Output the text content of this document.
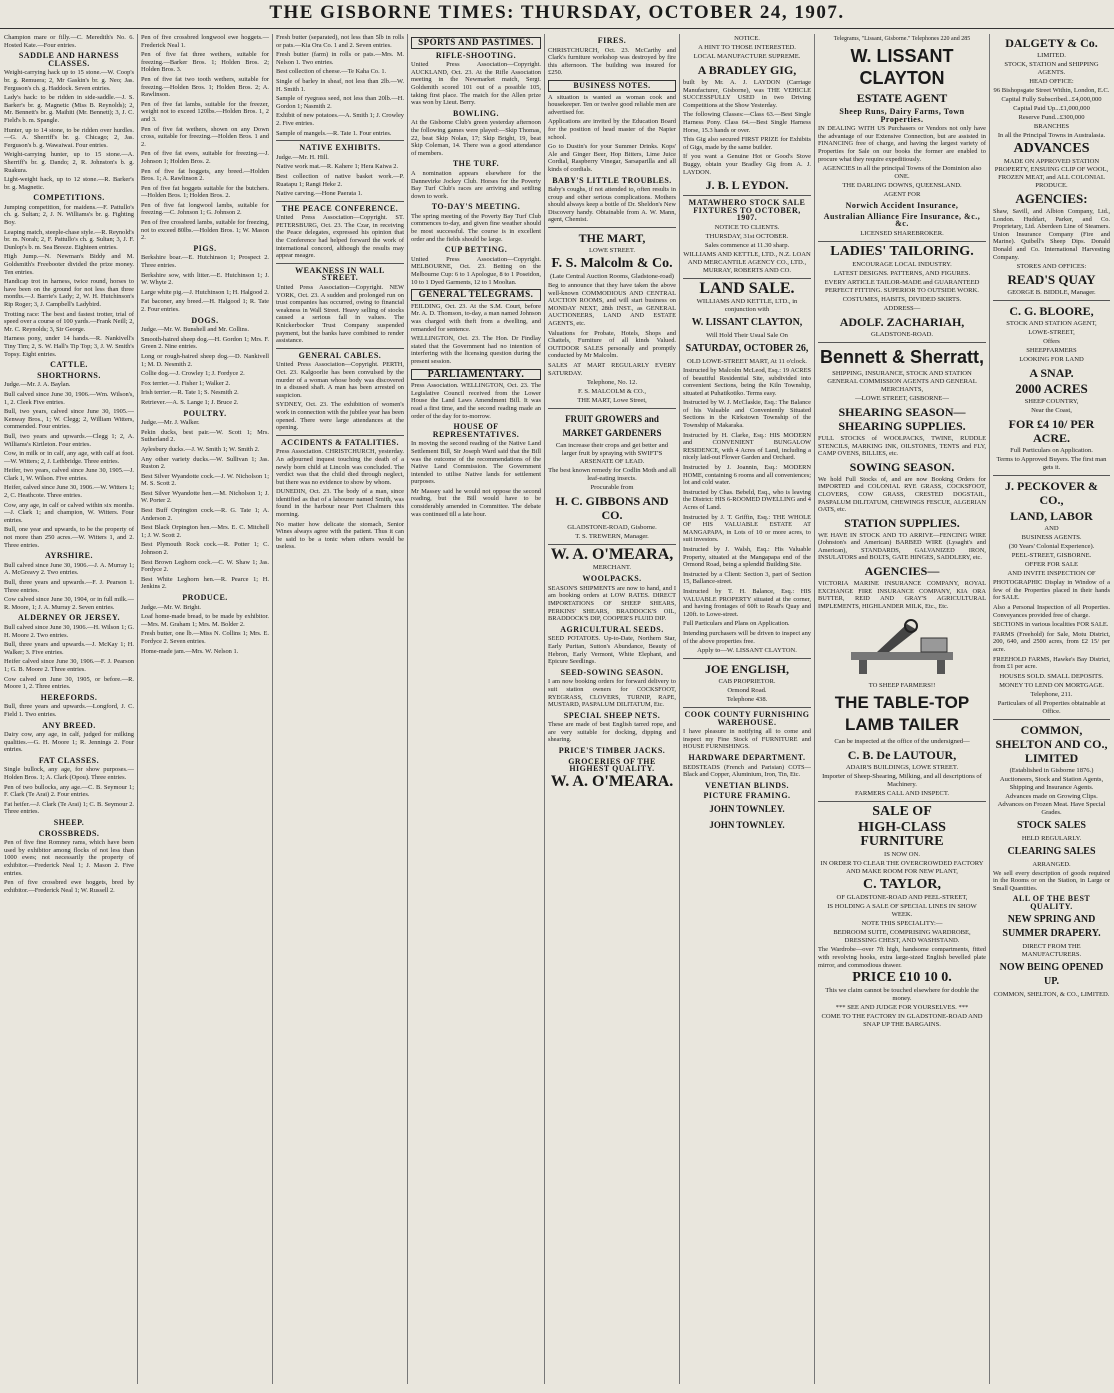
THE GISBORNE TIMES: THURSDAY, OCTOBER 24, 1907.

Champion mare or filly.—C. Meredith's No. 6. Hosted Kate.—Four entries.

SADDLE AND HARNESS CLASSES.

Weight-carrying hack up to 15 stone.—W. Coop's br. g. Remuera; 2, Mr Gaskin's br. g. Neo; Jas. Ferguson's ch. g. Haddock. Seven entries.

Lady's hack: to be ridden in side-saddle.—J. S. Barker's br. g. Magnetic (Miss B. Reynolds); 2, Mr. Bennett's br. g. Maihiti (Mr. Bennett); 3, J. C. Field's b. m. Spangle.

Hunter, up to 14 stone, to be ridden over hurdles.—G. A. Sherriff's br. g. Chicago; 2, Jas. Ferguson's b. g. Wawaiwai. Four entries.

Weight-carrying hunter, up to 15 stone.—A. Sherriff's br. g. Dando; 2, R. Johnston's b. g. Ruakura.

Light-weight hack, up to 12 stone.—R. Barker's br. g. Magnetic.

COMPETITIONS.

Jumping competition, for maidens.—F. Pattullo's ch. g. Sultan; 2, J. N. Williams's br. g. Fighting Boy.

Leaping match, steeple-chase style.—R. Reynold's br. m. Norah; 2, F. Pattullo's ch. g. Sultan; 3, J. F. Dunlop's b. m. Sea Breeze. Eighteen entries.

High Jump.—N. Newman's Biddy and M. Goldsmith's Freebooter divided the prize money. Ten entries.

Handicap trot in harness, twice round, horses to have been on the ground for not less than three months.—J. Barrie's Lady; 2, W. H. Hutchinson's Rip Roger; 3, J. Campbell's Ladybird.

Trotting race: The best and fastest trotter, trial of speed over a course of 100 yards.—Frank Neill; 2, Mr. C. Reynolds; 3, Sir George.

Harness pony, under 14 hands.—R. Nankivell's Tiny Tim; 2, S. W. Hall's Tip Top; 3, J. W. Smith's Topsy. Eight entries.

CATTLE.
SHORTHORNS.

Judge.—Mr. J. A. Baylan.

Bull calved since June 30, 1906.—Wm. Wilson's, 1, 2. Cleek Five entries.

Bull, two years, calved since June 30, 1905.—Kenway Bros., 1; W. Clegg; 2, William Witters, commended. Four entries.

Bull, two years and upwards.—Clegg 1; 2, A. Williams's Kirtleton. Four entries.

Cow, in milk or in calf, any age, with calf at foot.—W. Witters; 2, J. Lethbridge. Three entries.

Heifer, two years, calved since June 30, 1905.—J. Clark 1, W. Wilson. Five entries.

Heifer, calved since June 30, 1906.—W. Witters 1; 2, C. Heathcote. Three entries.

Cow, any age, in calf or calved within six months.—J. Clark 1; and champion, W. Witters. Four entries.

Bull, one year and upwards, to be the property of not more than 250 acres.—W. Witters 1, and 2. Three entries.

AYRSHIRE.

Bull calved since June 30, 1906.—J. A. Murray 1; A. McGreavy 2. Two entries.

Bull, three years and upwards.—F. J. Pearson 1. Three entries.

Cow calved since June 30, 1904, or in full milk.—R. Moore, 1; J. A. Murray 2. Seven entries.

ALDERNEY OR JERSEY.

Bull calved since June 30, 1906.—H. Wilson 1; G. H. Moore 2. Two entries.

Bull, three years and upwards.—J. McKay 1; H. Walker; 3. Five entries.

Heifer calved since June 30, 1906.—F. J. Pearson 1; G. B. Moore 2. Three entries.

Cow calved on June 30, 1905, or before.—R. Moore 1, 2. Three entries.

HEREFORDS.

Bull, three years and upwards.—Longford, J. C. Field 1. Two entries.

ANY BREED.

Dairy cow, any age, in calf, judged for milking qualities.—G. H. Moore 1; R. Jennings 2. Four entries.

FAT CLASSES.

Single bullock, any age, for show purposes.—Holden Bros. 1; A. Clark (Opou). Three entries.

Pen of two bullocks, any age.—C. B. Seymour 1; F. Clark (Te Arai) 2. Four entries.

Fat heifer.—J. Clark (Te Arai) 1; C. B. Seymour 2. Three entries.

SHEEP.
CROSSBREDS.

Pen of five fine Romney rams, which have been used by exhibitor among flocks of not less than 1000 ewes; not necessarily the property of exhibitor.—Frederick Neal 1; J. Mason 2. Five entries.

Pen of five crossbred ewe hoggets, bred by exhibitor.—Frederick Neal 1; W. Russell 2.

Pen of five crossbred longwool ewe hoggets.—Frederick Neal 1.

Pen of five fat three wethers, suitable for freezing.—Barker Bros. 1; Holden Bros. 2; Holden Bros. 3.

Pen of five fat two tooth wethers, suitable for freezing.—Holden Bros. 1; Holden Bros. 2; A. Rawlinson.

Pen of five fat lambs, suitable for the freezer, weight not to exceed 120lbs.—Holden Bros. 1, 2 and 3.

Pen of five fat wethers, shown on any Down cross, suitable for freezing.—Holden Bros. 1 and 2.

Pen of five fat ewes, suitable for freezing.—J. Johnson 1; Holden Bros. 2.

Pen of five fat hoggets, any breed.—Holden Bros. 1; A. Rawlinson 2.

Pen of five fat hoggets suitable for the butchers.—Holden Bros. 1; Holden Bros. 2.

Pen of five fat longwool lambs, suitable for freezing.—C. Johnson 1; G. Johnson 2.

Pen of five crossbred lambs, suitable for freezing, not to exceed 80lbs.—Holden Bros. 1; W. Mason 2.

PIGS.

Berkshire boar.—E. Hutchinson 1; Prospect 2. Three entries.

Berkshire sow, with litter.—E. Hutchinson 1; J. W. Whyte 2.

Large white pig.—J. Hutchinson 1; H. Halgood 2.

Fat baconer, any breed.—H. Halgood 1; R. Tate 2. Four entries.

DOGS.

Judge.—Mr. W. Bunshell and Mr. Collins.

Smooth-haired sheep dog.—H. Gordon 1; Mrs. F. Green 2. Nine entries.

Long or rough-haired sheep dog.—D. Nankivell 1; M. D. Nesmith 2.

Collie dog.—J. Crowley 1; J. Fordyce 2.

Fox terrier.—J. Fisher 1; Walker 2.

Irish terrier.—R. Tate 1; S. Nesmith 2.

Retriever.—A. S. Lange 1; J. Bruce 2.

POULTRY.

Judge.—Mr. J. Walker.

Pekin ducks, best pair.—W. Scott 1; Mrs. Sutherland 2.

Aylesbury ducks.—J. W. Smith 1; W. Smith 2.

Any other variety ducks.—W. Sullivan 1; Jas. Ruston 2.

Best Silver Wyandotte cock.—J. W. Nicholson 1; M. S. Scott 2.

Best Silver Wyandotte hen.—M. Nicholson 1; J. W. Porter 2.

Best Buff Orpington cock.—R. G. Tate 1; A. Anderson 2.

Best Black Orpington hen.—Mrs. E. C. Mitchell 1; J. W. Scott 2.

Best Plymouth Rock cock.—R. Potter 1; C. Johnson 2.

Best Brown Leghorn cock.—C. W. Shaw 1; Jas. Fordyce 2.

Best White Leghorn hen.—R. Pearce 1; H. Jenkins 2.

PRODUCE.

Judge.—Mr. W. Bright.

Loaf home-made bread, to be made by exhibitor.—Mrs. M. Graham 1; Mrs. M. Bolder 2.

Fresh butter, one lb.—Miss N. Collins 1; Mrs. E. Fordyce 2. Seven entries.

Home-made jam.—Mrs. W. Nelson 1.

Fresh butter (separated), not less than 5lb in rolls or pats.—Kia Ora Co. 1 and 2. Seven entries.

Fresh butter (farm) in rolls or pats.—Mrs. M. Nelson 1. Two entries.

Best collection of cheese.—Te Kaha Co. 1.

Single of barley in sheaf, not less than 2lb.—W. H. Smith 1.

Sample of ryegrass seed, not less than 20lb.—H. Gordon 1; Nasmith 2.

Exhibit of new potatoes.—A. Smith 1; J. Crowley 2. Five entries.

Sample of mangels.—R. Tate 1. Four entries.

NATIVE EXHIBITS.

Judge.—Mr. H. Hill.

Native work mat.—R. Kahere 1; Hera Kaiwa 2.

Best collection of native basket work.—P. Ruatapu 1; Rangi Heke 2.

Native carving.—Hone Paerata 1.

THE PEACE CONFERENCE.

United Press Association—Copyright. ST. PETERSBURG, Oct. 23. The Czar, in receiving the Peace delegates, expressed his opinion that the Conference had helped forward the work of international concord, although the results may appear meagre.

WEAKNESS IN WALL STREET.

United Press Association—Copyright. NEW YORK, Oct. 23. A sudden and prolonged run on trust companies has occurred, owing to financial weakness in Wall Street. Heavy selling of stocks caused a serious fall in values. The Knickerbocker Trust Company suspended payment, but the banks have combined to render assistance.

GENERAL CABLES.

United Press Association—Copyright. PERTH, Oct. 23. Kalgoorlie has been convulsed by the murder of a woman whose body was discovered in a disused shaft. A man has been arrested on suspicion.

SYDNEY, Oct. 23. The exhibition of women's work in connection with the jubilee year has been opened. There were large attendances at the opening.

ACCIDENTS & FATALITIES.

Press Association. CHRISTCHURCH, yesterday. An adjourned inquest touching the death of a newly born child at Lincoln was concluded. The verdict was that the child died through neglect, but there was no evidence to show by whom.

DUNEDIN, Oct. 23. The body of a man, since identified as that of a labourer named Smith, was found in the harbour near Port Chalmers this morning.

No matter how delicate the stomach, Senior Wines always agree with the patient. Thus it can be said to be a tonic when others would be useless.

SPORTS AND PASTIMES.
RIFLE-SHOOTING.

United Press Association—Copyright. AUCKLAND, Oct. 23. At the Rifle Association meeting in the Newmarket match, Sergt. Goldsmith scored 101 out of a possible 105, taking first place. The match for the Allen prize was won by Lieut. Berry.

BOWLING.

At the Gisborne Club's green yesterday afternoon the following games were played:—Skip Thomas, 22, beat Skip Nolan, 17; Skip Bright, 19, beat Skip Coleman, 14. There was a good attendance of members.

THE TURF.

A nomination appears elsewhere for the Dannevirke Jockey Club. Horses for the Poverty Bay Turf Club's races are arriving and settling down to work.

TO-DAY'S MEETING.

The spring meeting of the Poverty Bay Turf Club commences to-day, and given fine weather should be most successful. The course is in excellent order and the fields should be large.

CUP BETTING.

United Press Association—Copyright. MELBOURNE, Oct. 23. Betting on the Melbourne Cup: 6 to 1 Apologue, 8 to 1 Poseidon, 10 to 1 Dyed Garments, 12 to 1 Mooltan.

GENERAL TELEGRAMS.

FEILDING, Oct. 23. At the S.M. Court, before Mr. A. D. Thomson, to-day, a man named Johnson was charged with theft from a dwelling, and remanded for sentence.

WELLINGTON, Oct. 23. The Hon. Dr Findlay stated that the Government had no intention of interfering with the licensing question during the present session.

PARLIAMENTARY.

Press Association. WELLINGTON, Oct. 23. The Legislative Council received from the Lower House the Land Laws Amendment Bill. It was read a first time, and the second reading made an order of the day for to-morrow.

HOUSE OF REPRESENTATIVES.

In moving the second reading of the Native Land Settlement Bill, Sir Joseph Ward said that the Bill was the outcome of the recommendations of the Native Land Commission. The Government intended to utilise Native lands for settlement purposes.

Mr Massey said he would not oppose the second reading, but the Bill would have to be considerably amended in Committee. The debate was continued till a late hour.

FIRES.

CHRISTCHURCH, Oct. 23. McCarthy and Clark's furniture workshop was destroyed by fire this afternoon. The building was insured for £250.

BUSINESS NOTES.

A situation is wanted as woman cook and housekeeper. Ten or twelve good reliable men are advertised for.

Applications are invited by the Education Board for the position of head master of the Napier school.

Go to Dustin's for your Summer Drinks. Kops' Ale and Ginger Beer, Hop Bitters, Lime Juice Cordial, Raspberry Vinegar, Sarsaparilla and all kinds of cordials.

BABY'S LITTLE TROUBLES.

Baby's coughs, if not attended to, often results in croup and other serious complications. Mothers should always keep a bottle of Dr. Sheldon's New Discovery handy. Obtainable from A. W. Mann, agent, Chemist.

THE MART,
LOWE STREET.
F. S. Malcolm & Co.
(Late Central Auction Rooms, Gladstone-road)

Beg to announce that they have taken the above well-known COMMODIOUS AND CENTRAL AUCTION ROOMS, and will start business on MONDAY NEXT, 28th INST., as GENERAL AUCTIONEERS, LAND AND ESTATE AGENTS, etc.

Valuations for Probate, Hotels, Shops and Chattels, Furniture of all kinds Valued. OUTDOOR SALES personally and promptly conducted by Mr Malcolm.

SALES AT MART REGULARLY EVERY SATURDAY.

Telephone, No. 12.
F. S. MALCOLM & CO.,
THE MART, Lowe Street,
FRUIT GROWERS and MARKET GARDENERS
Can increase their crops and get better and larger fruit by spraying with SWIFT'S ARSENATE OF LEAD.
The best known remedy for Codlin Moth and all leaf-eating insects.
Procurable from
H. C. GIBBONS AND CO.
GLADSTONE-ROAD, Gisborne.
T. S. TREWERN, Manager.
W. A. O'MEARA,
MERCHANT.
WOOLPACKS.

SEASON'S SHIPMENTS are now to hand, and I am booking orders at LOW RATES. DIRECT IMPORTATIONS OF SHEEP SHEARS, PERKINS' SHEARS, BRADDOCK'S OIL, BRADDOCK'S DIP, COOPER'S FLUID DIP.

AGRICULTURAL SEEDS.

SEED POTATOES. Up-to-Date, Northern Star, Early Puritan, Sutton's Abundance, Beauty of Hebron, Early Vermont, White Elephant, and Epicure Seedlings.

SEED-SOWING SEASON.

I am now booking orders for forward delivery to suit station owners for COCKSFOOT, RYEGRASS, CLOVERS, TURNIP, RAPE, MUSTARD, PASPALUM DILITATUM, Etc.

SPECIAL SHEEP NETS.

These are made of best English tarred rope, and are very suitable for docking, dipping and shearing.

PRICE'S TIMBER JACKS.
GROCERIES OF THE HIGHEST QUALITY.
W. A. O'MEARA.
NOTICE.
A HINT TO THOSE INTERESTED.
LOCAL MANUFACTURE SUPREME.
A BRADLEY GIG,

built by Mr. A. J. LAYDON (Carriage Manufacturer, Gisborne), was THE VEHICLE SUCCESSFULLY USED in two Driving Competitions at the Show Yesterday.

The following Classes:—Class 63.—Best Single Harness Pony. Class 64.—Best Single Harness Horse, 15.3 hands or over.

This Gig also secured FIRST PRIZE for Exhibits of Gigs, made by the same builder.

If you want a Genuine Hot or Good's Stove Buggy, obtain your Bradley Gig from A. J. LAYDON.

J. B. L EYDON.
MATAWHERO STOCK SALE FIXTURES TO OCTOBER, 1907.
NOTICE TO CLIENTS.
THURSDAY, 31st OCTOBER.
Sales commence at 11.30 sharp.
WILLIAMS AND KETTLE, LTD., N.Z. LOAN AND MERCANTILE AGENCY CO., LTD., MURRAY, ROBERTS AND CO.
LAND SALE.
WILLIAMS AND KETTLE, LTD., in conjunction with
W. LISSANT CLAYTON,
Will Hold Their Usual Sale On
SATURDAY, OCTOBER 26,
OLD LOWE-STREET MART, At 11 o'clock.

Instructed by Malcolm McLeod, Esq.: 19 ACRES of beautiful Residential Site, subdivided into convenient Sections, being the Kiln Township, situated at Puhatikotiko. Terms easy.

Instructed by W. J. McClaskie, Esq.: The Balance of his Valuable and Conveniently Situated Sections in the Kirkstown Township of the Township of Makaraka.

Instructed by H. Clarke, Esq.: HIS MODERN and CONVENIENT BUNGALOW RESIDENCE, with 4 Acres of Land, including a nicely laid-out Flower Garden and Orchard.

Instructed by J. Joannin, Esq.: MODERN HOME, containing 6 rooms and all conveniences; lot and cold water.

Instructed by Chas. Bebeld, Esq., who is leaving the District: HIS 6-ROOMED DWELLING and 4 Acres of Land.

Instructed by J. T. Griffin, Esq.: THE WHOLE OF HIS VALUABLE ESTATE AT MANGAPAPA, in Lots of 10 or more acres, to suit investors.

Instructed by J. Walsh, Esq.: His Valuable Property, situated at the Mangapapa end of the Ormond Road, being a splendid Building Site.

Instructed by a Client: Section 3, part of Section 15, Ballance-street.

Instructed by T. H. Balance, Esq.: HIS VALUABLE PROPERTY situated at the corner, and having frontages of 60ft to Read's Quay and 120ft. to Lowe-street.

Full Particulars and Plans on Application.

Intending purchasers will be driven to inspect any of the above properties free.

Apply to—W. LISSANT CLAYTON.
JOE ENGLISH,
CAB PROPRIETOR.
Ormond Road.
Telephone 438.
COOK COUNTY FURNISHING WAREHOUSE.

I have pleasure in notifying all to come and inspect my Fine Stock of FURNITURE and HOUSE FURNISHINGS.

HARDWARE DEPARTMENT.

BEDSTEADS (French and Parisian) COTS—Black and Copper, Aluminium, Iron, Tin, Etc.

VENETIAN BLINDS.
PICTURE FRAMING.
JOHN TOWNLEY.
JOHN TOWNLEY.
Telegrams, "Lissant, Gisborne." Telephones 220 and 285
W. LISSANT CLAYTON
ESTATE AGENT
Sheep Runs, Dairy Farms, Town Properties.

IN DEALING WITH US Purchasers or Vendors not only have the advantage of our Extensive Connection, but are assisted in FINANCING free of charge, and having the largest variety of Properties for Sale on our books the former are enabled to procure what they require expeditiously.

AGENCIES in all the principal Towns of the Dominion also ONE.
THE DARLING DOWNS, QUEENSLAND.
AGENT FOR
Norwich Accident Insurance,
Australian Alliance Fire Insurance, &c., &c.
LICENSED SHAREBROKER.
LADIES' TAILORING.
ENCOURAGE LOCAL INDUSTRY.
LATEST DESIGNS. PATTERNS, AND FIGURES.
EVERY ARTICLE TAILOR-MADE and GUARANTEED PERFECT FITTING. SUPERIOR TO OUTSIDE WORK.
COSTUMES, HABITS, DIVIDED SKIRTS.
ADDRESS—
ADOLF. ZACHARIAH,
GLADSTONE-ROAD.
Bennett & Sherratt,
SHIPPING, INSURANCE, STOCK AND STATION GENERAL COMMISSION AGENTS AND GENERAL MERCHANTS,
—LOWE STREET, GISBORNE—
SHEARING SEASON— SHEARING SUPPLIES.

FULL STOCKS of WOOLPACKS, TWINE, RUDDLE STENCILS, MARKING INK, OILSTONES, TENTS and FLY, CAMP OVENS, BILLIES, etc.

SOWING SEASON.

We hold Full Stocks of, and are now Booking Orders for IMPORTED and COLONIAL RYE GRASS, COCKSFOOT, CLOVERS, COW GRASS, CRESTED DOGSTAIL, PASPALUM DILITATUM, CHEWINGS FESCUE, ALGERIAN OATS, etc.

STATION SUPPLIES.

WE HAVE IN STOCK AND TO ARRIVE—FENCING WIRE (Johnston's and American) BARBED WIRE (Lysaght's and American), STANDARDS, GALVANIZED IRON, INSULATORS and BOLTS, GATE HINGES, SADDLERY, etc.

AGENCIES—

VICTORIA MARINE INSURANCE COMPANY, ROYAL EXCHANGE FIRE INSURANCE COMPANY, KIA ORA BUTTER, REID AND GRAY'S AGRICULTURAL IMPLEMENTS, HIGHLANDER MILK, Etc., Etc.

TO SHEEP FARMERS!!
THE TABLE-TOP LAMB TAILER
Can be inspected at the office of the undersigned—
C. B. De LAUTOUR,
ADAIR'S BUILDINGS, LOWE STREET.
Importer of Sheep-Shearing, Milking, and all descriptions of Machinery.
FARMERS CALL AND INSPECT.
SALE OF
HIGH-CLASS FURNITURE
IS NOW ON.
IN ORDER TO CLEAR THE OVERCROWDED FACTORY AND MAKE ROOM FOR NEW PLANT,
C. TAYLOR,
OF GLADSTONE-ROAD AND PEEL-STREET,
IS HOLDING A SALE OF SPECIAL LINES IN SHOW WEEK.
NOTE THIS SPECIALITY:—
BEDROOM SUITE, COMPRISING WARDROBE, DRESSING CHEST, AND WASHSTAND.

The Wardrobe—over 7ft high, handsome compartments, fitted with revolving hooks, extra large-sized English bevelled plate mirror, and commodious drawer.

PRICE £10 10 0.
This we claim cannot be touched elsewhere for double the money.
*** SEE AND JUDGE FOR YOURSELVES. ***
COME TO THE FACTORY IN GLADSTONE-ROAD AND SNAP UP THE BARGAINS.
DALGETY & Co.
LIMITED.
STOCK, STATION and SHIPPING AGENTS.
HEAD OFFICE:
96 Bishopsgate Street Within, London, E.C.
Capital Fully Subscribed...£4,000,000
Capital Paid Up...£1,000,000
Reserve Fund...£300,000
BRANCHES
In all the Principal Towns in Australasia.
ADVANCES
MADE ON APPROVED STATION PROPERTY, ENSUING CLIP OF WOOL, FROZEN MEAT, and ALL COLONIAL PRODUCE.
AGENCIES:

Shaw, Savill, and Albion Company, Ltd., London. Huddart, Parker, and Co. Proprietary, Ltd. Aberdeen Line of Steamers. Union Insurance Company (Fire and Marine). Quibell's Sheep Dips. Donald Donald and Co. International Harvesting Company.

STORES AND OFFICES:
READ'S QUAY
GEORGE B. BIDDLE, Manager.
C. G. BLOORE,
STOCK AND STATION AGENT,
LOWE-STREET,
Offers
SHEEPFARMERS
LOOKING FOR LAND
A SNAP.
2000 ACRES
SHEEP COUNTRY,
Near the Coast,
FOR £4 10/ PER ACRE.
Full Particulars on Application.
Terms to Approved Buyers. The first man gets it.
J. PECKOVER & CO.,
LAND, LABOR
AND
BUSINESS AGENTS.
(30 Years' Colonial Experience).
PEEL-STREET, GISBORNE.
OFFER FOR SALE
AND INVITE INSPECTION OF

PHOTOGRAPHIC Display in Window of a few of the Properties placed in their hands for SALE.

Also a Personal Inspection of all Properties. Conveyances provided free of charge.

SECTIONS in various localities FOR SALE.

FARMS (Freehold) for Sale, Motu District, 200, 640, and 2500 acres, from £2 15/ per acre.

FREEHOLD FARMS, Hawke's Bay District, from £1 per acre.

HOUSES SOLD. SMALL DEPOSITS.
MONEY TO LEND ON MORTGAGE.
Telephone, 211.
Particulars of all Properties obtainable at Office.
COMMON, SHELTON AND CO., LIMITED
(Established in Gisborne 1876.)
Auctioneers, Stock and Station Agents, Shipping and Insurance Agents.
Advances made on Growing Clips. Advances on Frozen Meat. Have Special Grades.
STOCK SALES
HELD REGULARLY.
CLEARING SALES
ARRANGED.

We sell every description of goods required in the Rooms or on the Station, in Large or Small Quantities.

ALL OF THE BEST QUALITY.
NEW SPRING AND SUMMER DRAPERY.
DIRECT FROM THE MANUFACTURERS.
NOW BEING OPENED UP.
COMMON, SHELTON, & CO., LIMITED.
